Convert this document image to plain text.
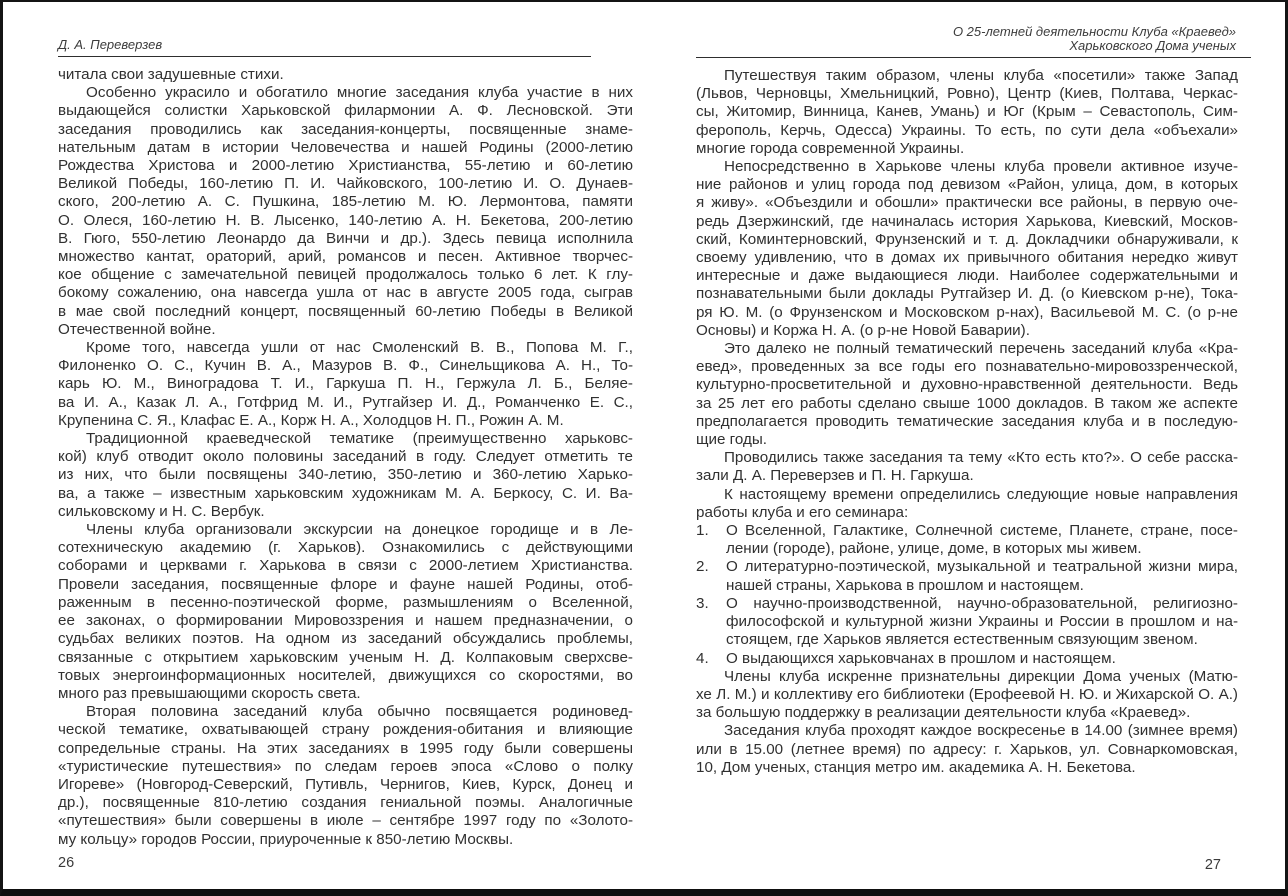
Д. А. Переверзев
читала свои задушевные стихи.
Особенно украсило и обогатило многие заседания клуба участие в них
выдающейся солистки Харьковской филармонии А. Ф. Лесновской. Эти
заседания проводились как заседания-концерты, посвященные знаме-
нательным датам в истории Человечества и нашей Родины (2000-летию
Рождества Христова и 2000-летию Христианства, 55-летию и 60-летию
Великой Победы, 160-летию П. И. Чайковского, 100-летию И. О. Дунаев-
ского, 200-летию А. С. Пушкина, 185-летию М. Ю. Лермонтова, памяти
О. Олеся, 160-летию Н. В. Лысенко, 140-летию А. Н. Бекетова, 200-летию
В. Гюго, 550-летию Леонардо да Винчи и др.). Здесь певица исполнила
множество кантат, ораторий, арий, романсов и песен. Активное творчес-
кое общение с замечательной певицей продолжалось только 6 лет. К глу-
бокому сожалению, она навсегда ушла от нас в августе 2005 года, сыграв
в мае свой последний концерт, посвященный 60-летию Победы в Великой
Отечественной войне.
Кроме того, навсегда ушли от нас Смоленский В. В., Попова М. Г.,
Филоненко О. С., Кучин В. А., Мазуров В. Ф., Синельщикова А. Н., То-
карь Ю. М., Виноградова Т. И., Гаркуша П. Н., Гержула Л. Б., Беляе-
ва И. А., Казак Л. А., Готфрид М. И., Рутгайзер И. Д., Романченко Е. С.,
Крупенина С. Я., Клафас Е. А., Корж Н. А., Холодцов Н. П., Рожин А. М.
Традиционной краеведческой тематике (преимущественно харьковс-
кой) клуб отводит около половины заседаний в году. Следует отметить те
из них, что были посвящены 340-летию, 350-летию и 360-летию Харько-
ва, а также – известным харьковским художникам М. А. Беркосу, С. И. Ва-
сильковскому и Н. С. Вербук.
Члены клуба организовали экскурсии на донецкое городище и в Ле-
сотехническую академию (г. Харьков). Ознакомились с действующими
соборами и церквами г. Харькова в связи с 2000-летием Христианства.
Провели заседания, посвященные флоре и фауне нашей Родины, отоб-
раженным в песенно-поэтической форме, размышлениям о Вселенной,
ее законах, о формировании Мировоззрения и нашем предназначении, о
судьбах великих поэтов. На одном из заседаний обсуждались проблемы,
связанные с открытием харьковским ученым Н. Д. Колпаковым сверхсве-
товых энергоинформационных носителей, движущихся со скоростями, во
много раз превышающими скорость света.
Вторая половина заседаний клуба обычно посвящается родиновед-
ческой тематике, охватывающей страну рождения-обитания и влияющие
сопредельные страны. На этих заседаниях в 1995 году были совершены
«туристические путешествия» по следам героев эпоса «Слово о полку
Игореве» (Новгород-Северский, Путивль, Чернигов, Киев, Курск, Донец и
др.), посвященные 810-летию создания гениальной поэмы. Аналогичные
«путешествия» были совершены в июле – сентябре 1997 году по «Золото-
му кольцу» городов России, приуроченные к 850-летию Москвы.
26
О 25-летней деятельности Клуба «Краевед»
Харьковского Дома ученых
Путешествуя таким образом, члены клуба «посетили» также Запад
(Львов, Черновцы, Хмельницкий, Ровно), Центр (Киев, Полтава, Черкас-
сы, Житомир, Винница, Канев, Умань) и Юг (Крым – Севастополь, Сим-
ферополь, Керчь, Одесса) Украины. То есть, по сути дела «объехали»
многие города современной Украины.
Непосредственно в Харькове члены клуба провели активное изуче-
ние районов и улиц города под девизом «Район, улица, дом, в которых
я живу». «Объездили и обошли» практически все районы, в первую оче-
редь Дзержинский, где начиналась история Харькова, Киевский, Москов-
ский, Коминтерновский, Фрунзенский и т. д. Докладчики обнаруживали, к
своему удивлению, что в домах их привычного обитания нередко живут
интересные и даже выдающиеся люди. Наиболее содержательными и
познавательными были доклады Рутгайзер И. Д. (о Киевском р-не), Тока-
ря Ю. М. (о Фрунзенском и Московском р-нах), Васильевой М. С. (о р-не
Основы) и Коржа Н. А. (о р-не Новой Баварии).
Это далеко не полный тематический перечень заседаний клуба «Кра-
евед», проведенных за все годы его познавательно-мировоззренческой,
культурно-просветительной и духовно-нравственной деятельности. Ведь
за 25 лет его работы сделано свыше 1000 докладов. В таком же аспекте
предполагается проводить тематические заседания клуба и в последую-
щие годы.
Проводились также заседания та тему «Кто есть кто?». О себе расска-
зали Д. А. Переверзев и П. Н. Гаркуша.
К настоящему времени определились следующие новые направления
работы клуба и его семинара:
1. О Вселенной, Галактике, Солнечной системе, Планете, стране, посе-
лении (городе), районе, улице, доме, в которых мы живем.
2. О литературно-поэтической, музыкальной и театральной жизни мира,
нашей страны, Харькова в прошлом и настоящем.
3. О научно-производственной, научно-образовательной, религиозно-
философской и культурной жизни Украины и России в прошлом и на-
стоящем, где Харьков является естественным связующим звеном.
4. О выдающихся харьковчанах в прошлом и настоящем.
Члены клуба искренне признательны дирекции Дома ученых (Матю-
хе Л. М.) и коллективу его библиотеки (Ерофеевой Н. Ю. и Жихарской О. А.)
за большую поддержку в реализации деятельности клуба «Краевед».
Заседания клуба проходят каждое воскресенье в 14.00 (зимнее время)
или в 15.00 (летнее время) по адресу: г. Харьков, ул. Совнаркомовская,
10, Дом ученых, станция метро им. академика А. Н. Бекетова.
27
